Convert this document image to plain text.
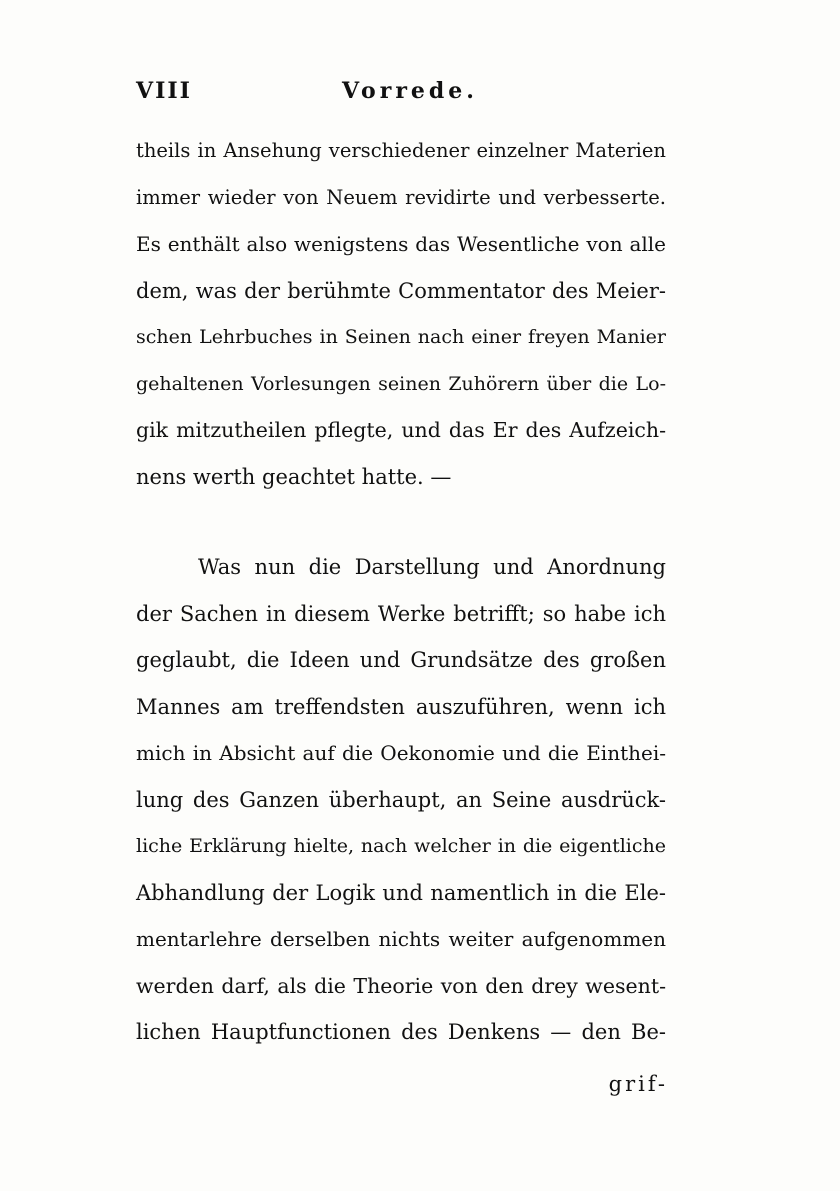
VIII	Vorrede.
theils in Ansehung verschiedener einzelner Materien
immer wieder von Neuem revidirte und verbesserte.
Es enthält also wenigstens das Wesentliche von alle
dem, was der berühmte Commentator des Meier-
schen Lehrbuches in Seinen nach einer freyen Manier
gehaltenen Vorlesungen seinen Zuhörern über die Lo-
gik mitzutheilen pflegte, und das Er des Aufzeich-
nens werth geachtet hatte. —
Was nun die Darstellung und Anordnung
der Sachen in diesem Werke betrifft; so habe ich
geglaubt, die Ideen und Grundsätze des großen
Mannes am treffendsten auszuführen, wenn ich
mich in Absicht auf die Oekonomie und die Einthei-
lung des Ganzen überhaupt, an Seine ausdrück-
liche Erklärung hielte, nach welcher in die eigentliche
Abhandlung der Logik und namentlich in die Ele-
mentarlehre derselben nichts weiter aufgenommen
werden darf, als die Theorie von den drey wesent-
lichen Hauptfunctionen des Denkens — den Be-
grif-
